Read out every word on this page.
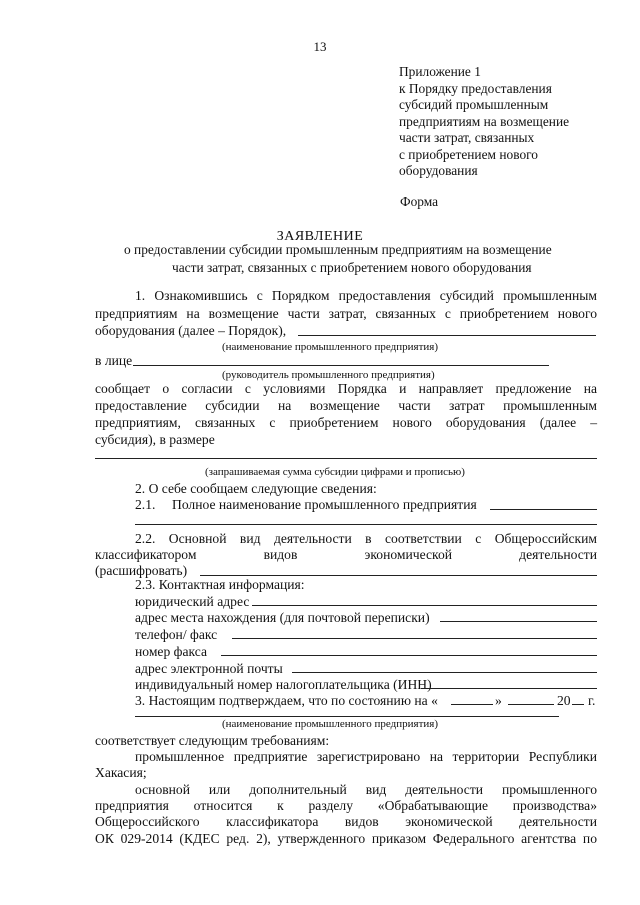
13
Приложение 1
к Порядку предоставления
субсидий промышленным
предприятиям на возмещение
части затрат, связанных
с приобретением нового
оборудования
Форма
ЗАЯВЛЕНИЕ
о предоставлении субсидии промышленным предприятиям на возмещение
части затрат, связанных с приобретением нового оборудования
1. Ознакомившись с Порядком предоставления субсидий промышленным
предприятиям на возмещение части затрат, связанных с приобретением нового
оборудования (далее – Порядок),
(наименование промышленного предприятия)
в лице
(руководитель промышленного предприятия)
сообщает о согласии с условиями Порядка и направляет предложение на
предоставление субсидии на возмещение части затрат промышленным
предприятиям, связанных с приобретением нового оборудования (далее –
субсидия), в размере
(запрашиваемая сумма субсидии цифрами и прописью)
2. О себе сообщаем следующие сведения:
2.1. Полное наименование промышленного предприятия
2.2. Основной вид деятельности в соответствии с Общероссийским
классификатором видов экономической деятельности
(расшифровать)
2.3. Контактная информация:
юридический адрес
адрес места нахождения (для почтовой переписки)
телефон/ факс
номер факса
адрес электронной почты
индивидуальный номер налогоплательщика (ИНН)
3. Настоящим подтверждаем, что по состоянию на «	»	20 г.
(наименование промышленного предприятия)
соответствует следующим требованиям:
промышленное предприятие зарегистрировано на территории Республики
Хакасия;
основной или дополнительный вид деятельности промышленного
предприятия относится к разделу «Обрабатывающие производства»
Общероссийского классификатора видов экономической деятельности
ОК 029-2014 (КДЕС ред. 2), утвержденного приказом Федерального агентства по
